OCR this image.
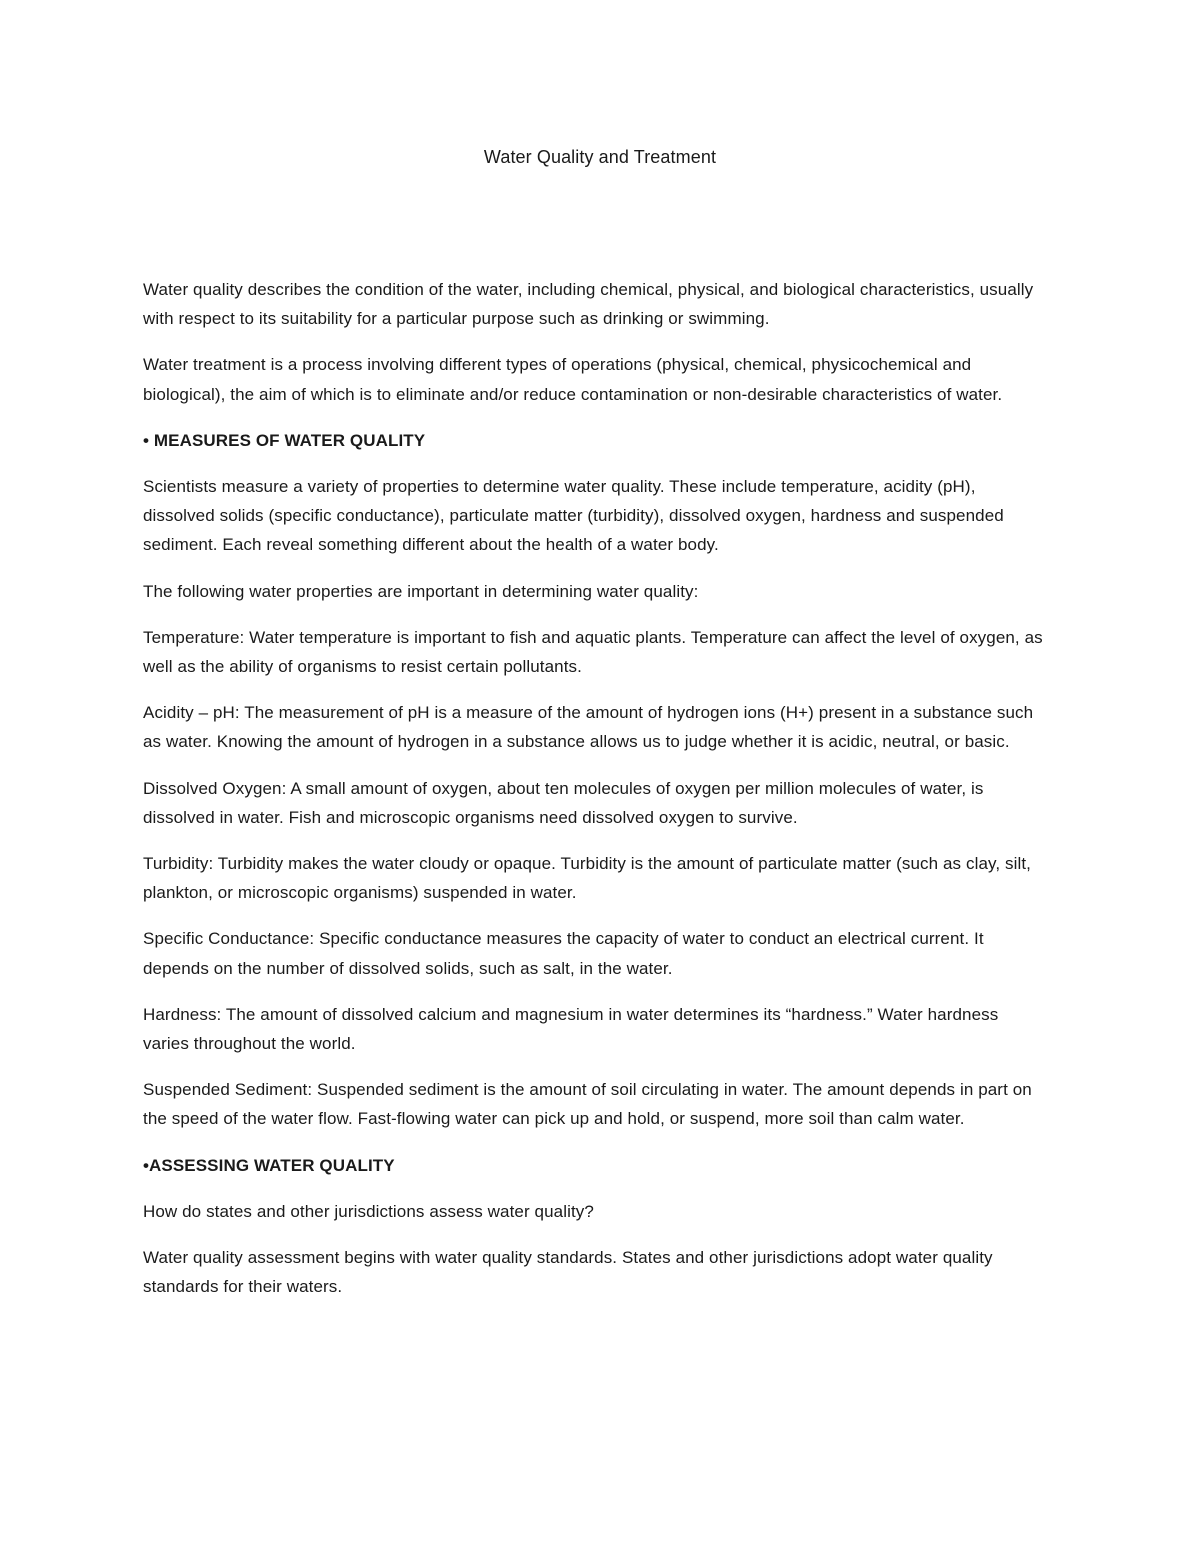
Water Quality and Treatment

Water quality describes the condition of the water, including chemical, physical, and biological characteristics, usually with respect to its suitability for a particular purpose such as drinking or swimming.

Water treatment is a process involving different types of operations (physical, chemical, physicochemical and biological), the aim of which is to eliminate and/or reduce contamination or non-desirable characteristics of water.

• MEASURES OF WATER QUALITY

Scientists measure a variety of properties to determine water quality. These include temperature, acidity (pH), dissolved solids (specific conductance), particulate matter (turbidity), dissolved oxygen, hardness and suspended sediment. Each reveal something different about the health of a water body.

The following water properties are important in determining water quality:

Temperature: Water temperature is important to fish and aquatic plants. Temperature can affect the level of oxygen, as well as the ability of organisms to resist certain pollutants.

Acidity – pH: The measurement of pH is a measure of the amount of hydrogen ions (H+) present in a substance such as water. Knowing the amount of hydrogen in a substance allows us to judge whether it is acidic, neutral, or basic.

Dissolved Oxygen: A small amount of oxygen, about ten molecules of oxygen per million molecules of water, is dissolved in water. Fish and microscopic organisms need dissolved oxygen to survive.

Turbidity: Turbidity makes the water cloudy or opaque. Turbidity is the amount of particulate matter (such as clay, silt, plankton, or microscopic organisms) suspended in water.

Specific Conductance: Specific conductance measures the capacity of water to conduct an electrical current. It depends on the number of dissolved solids, such as salt, in the water.

Hardness: The amount of dissolved calcium and magnesium in water determines its “hardness.” Water hardness varies throughout the world.

Suspended Sediment: Suspended sediment is the amount of soil circulating in water. The amount depends in part on the speed of the water flow. Fast-flowing water can pick up and hold, or suspend, more soil than calm water.

•ASSESSING WATER QUALITY

How do states and other jurisdictions assess water quality?

Water quality assessment begins with water quality standards. States and other jurisdictions adopt water quality standards for their waters.
